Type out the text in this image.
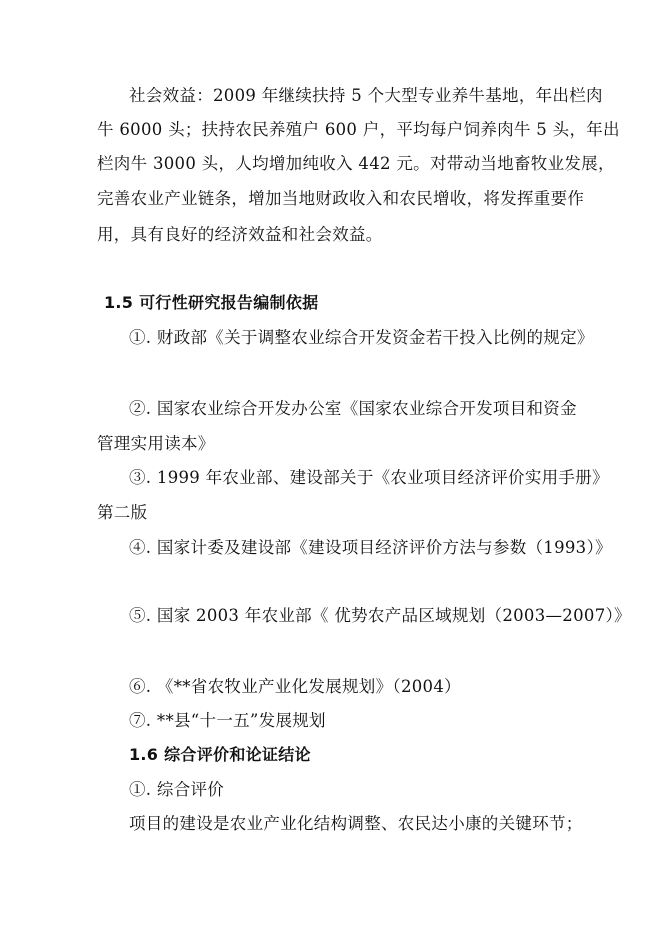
社会效益：2009 年继续扶持 5 个大型专业养牛基地，年出栏肉
牛 6000 头；扶持农民养殖户 600 户，平均每户饲养肉牛 5 头，年出
栏肉牛 3000 头，人均增加纯收入 442 元。对带动当地畜牧业发展，
完善农业产业链条，增加当地财政收入和农民增收，将发挥重要作
用，具有良好的经济效益和社会效益。
1.5 可行性研究报告编制依据
①. 财政部《关于调整农业综合开发资金若干投入比例的规定》
②. 国家农业综合开发办公室《国家农业综合开发项目和资金
管理实用读本》
③. 1999 年农业部、建设部关于《农业项目经济评价实用手册》
第二版
④. 国家计委及建设部《建设项目经济评价方法与参数（1993）》
⑤. 国家 2003 年农业部《 优势农产品区域规划（2003—2007）》
⑥. 《**省农牧业产业化发展规划》（2004）
⑦. **县“十一五”发展规划
1.6 综合评价和论证结论
①. 综合评价
项目的建设是农业产业化结构调整、农民达小康的关键环节；
